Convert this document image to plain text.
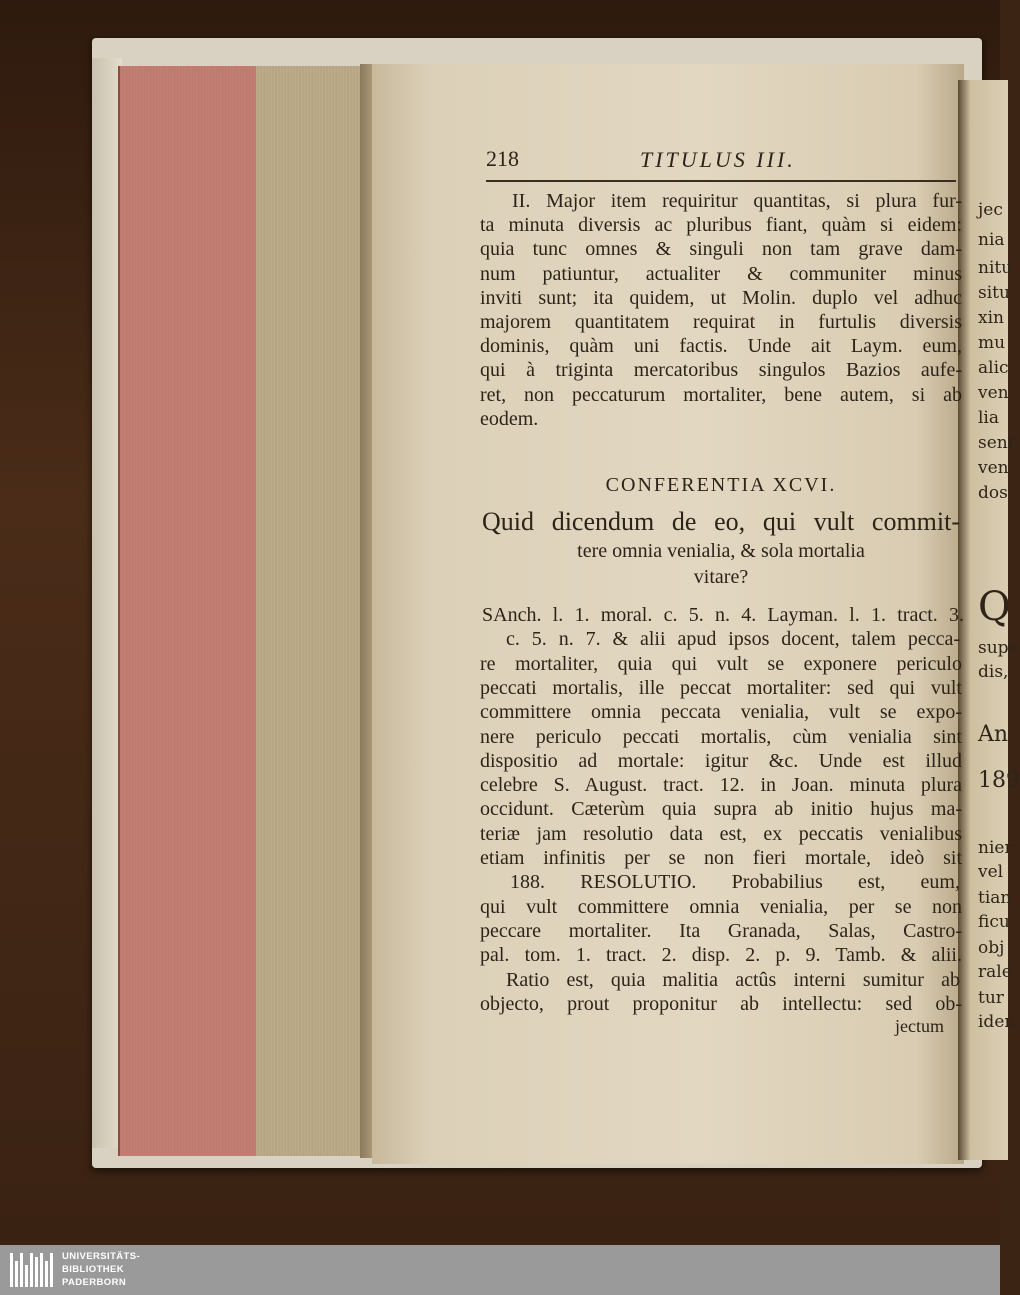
jec
nia
nitu
situ
xin
mu
alic
ven
lia
sent
ven
dos
Q
supe
dis,
An
189
nier
vel
tian
ficu
obj
rale
tur
iden
218	TITULUS III.
II. Major item requiritur quantitas, si plura fur-
ta minuta diversis ac pluribus fiant, quàm si eidem:
quia tunc omnes & singuli non tam grave dam-
num patiuntur, actualiter & communiter minus
inviti sunt; ita quidem, ut Molin. duplo vel adhuc
majorem quantitatem requirat in furtulis diversis
dominis, quàm uni factis. Unde ait Laym. eum,
qui à triginta mercatoribus singulos Bazios aufe-
ret, non peccaturum mortaliter, bene autem, si ab
eodem.
CONFERENTIA XCVI.
Quid dicendum de eo, qui vult commit-
tere omnia venialia, & sola mortalia
vitare?
SAnch. l. 1. moral. c. 5. n. 4. Layman. l. 1. tract. 3.
c. 5. n. 7. & alii apud ipsos docent, talem pecca-
re mortaliter, quia qui vult se exponere periculo
peccati mortalis, ille peccat mortaliter: sed qui vult
committere omnia peccata venialia, vult se expo-
nere periculo peccati mortalis, cùm venialia sint
dispositio ad mortale: igitur &c. Unde est illud
celebre S. August. tract. 12. in Joan. minuta plura
occidunt. Cæterùm quia supra ab initio hujus ma-
teriæ jam resolutio data est, ex peccatis venialibus
etiam infinitis per se non fieri mortale, ideò sit
188. RESOLUTIO. Probabilius est, eum,
qui vult committere omnia venialia, per se non
peccare mortaliter. Ita Granada, Salas, Castro-
pal. tom. 1. tract. 2. disp. 2. p. 9. Tamb. & alii.
Ratio est, quia malitia actûs interni sumitur ab
objecto, prout proponitur ab intellectu: sed ob-
jectum
UNIVERSITÄTS-
BIBLIOTHEK
PADERBORN
